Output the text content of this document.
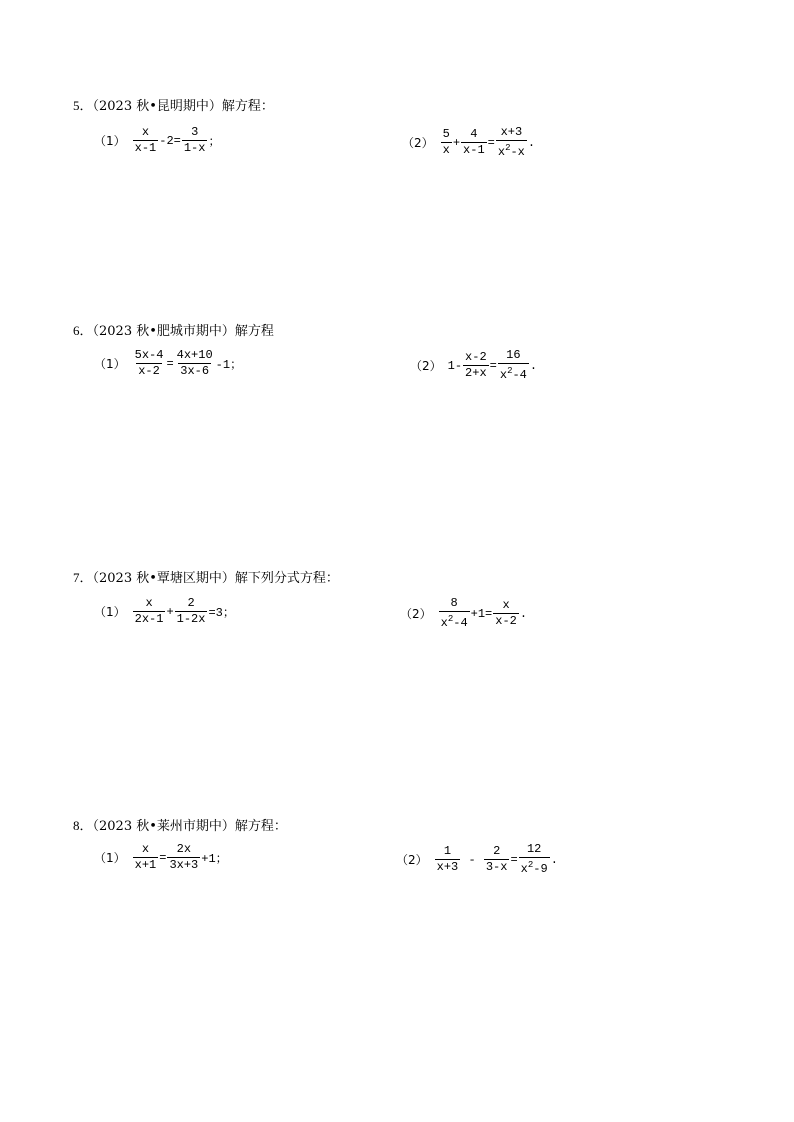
5．（2023 秋•昆明期中）解方程：
$(1) \frac{x}{x-1} -2= \frac{3}{1-x}$ ；	$(2) \frac{5}{x} + \frac{4}{x-1} = \frac{x+3}{x^2-x}$ .
6．（2023 秋•肥城市期中）解方程
$(1) \frac{5x-4}{x-2} = \frac{4x+10}{3x-6} -1$；	（2） $1- \frac{x-2}{2+x} = \frac{16}{x^2-4}$ .
7．（2023 秋•覃塘区期中）解下列分式方程：
$(1) \frac{x}{2x-1} + \frac{2}{1-2x} =3$；	$(2) \frac{8}{x^2-4} +1= \frac{x}{x-2}$ .
8．（2023 秋•莱州市期中）解方程：
$(1) \frac{x}{x+1} = \frac{2x}{3x+3} +1$；	$(2) \frac{1}{x+3} - \frac{2}{3-x} = \frac{12}{x^2-9}$ .
